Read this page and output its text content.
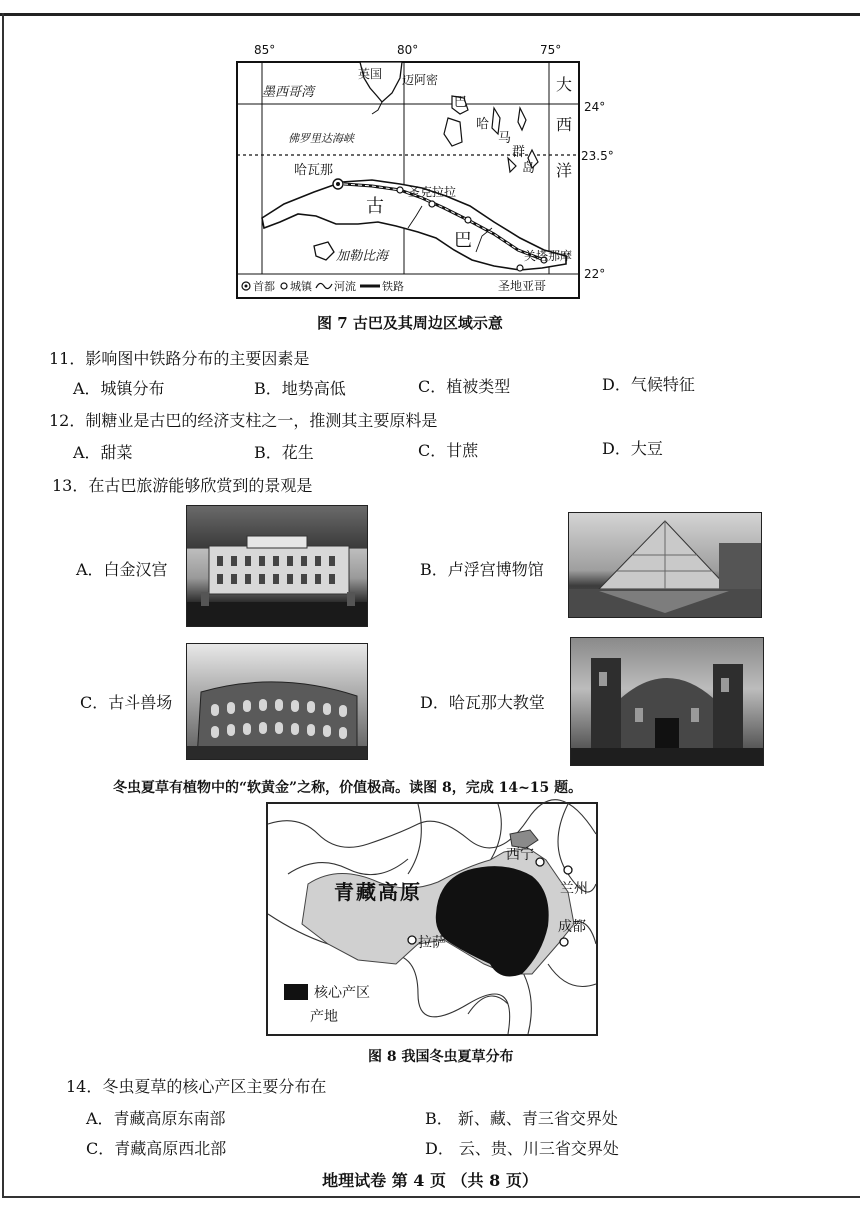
85°	80°	75°
24°
23.5°
22°
墨西哥湾
英国 迈阿密
巴
哈
马
群
岛
大
西
洋
佛罗里达海峡
哈瓦那
圣克拉拉
古
巴
关塔那摩
加勒比海
圣地亚哥
首都 城镇 河流 铁路
图 7 古巴及其周边区域示意
11．影响图中铁路分布的主要因素是
A．城镇分布	B．地势高低	C．植被类型	D．气候特征
12．制糖业是古巴的经济支柱之一，推测其主要原料是
A．甜菜	B．花生	C．甘蔗	D．大豆
13．在古巴旅游能够欣赏到的景观是
A．白金汉宫	B．卢浮宫博物馆
C．古斗兽场	D．哈瓦那大教堂
冬虫夏草有植物中的“软黄金”之称，价值极高。读图 8，完成 14~15 题。
青藏高原
西宁
兰州
成都
拉萨
核心产区
产地
图 8 我国冬虫夏草分布
14．冬虫夏草的核心产区主要分布在
A．青藏高原东南部	B． 新、藏、青三省交界处
C．青藏高原西北部	D． 云、贵、川三省交界处
地理试卷 第 4 页 （共 8 页）
